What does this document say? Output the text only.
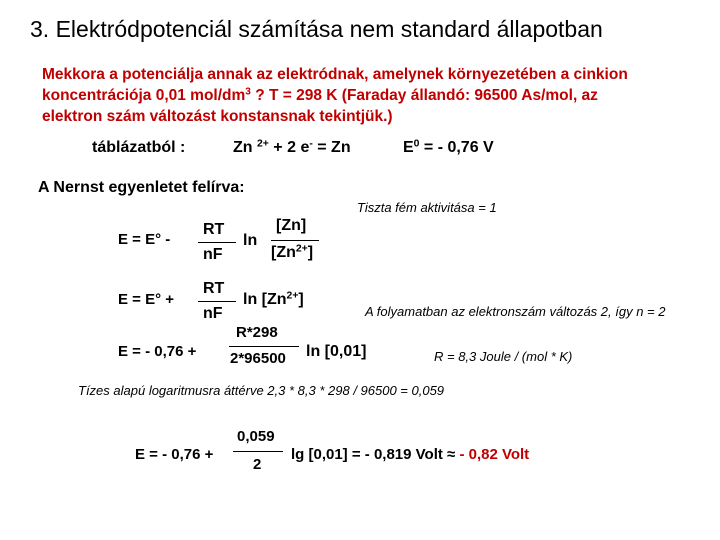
3. Elektródpotenciál számítása nem standard állapotban
Mekkora a potenciálja annak az elektródnak, amelynek környezetében a cinkion
koncentrációja 0,01 mol/$dm^3$ ? T = 298 K (Faraday állandó: 96500 As/mol, az
elektron szám változást konstansnak tekintjük.)
táblázatból :	Zn $^{2+}$ + 2 e- = Zn	$E^0$ = - 0,76 V
A Nernst egyenletet felírva:
Tiszta fém aktivitása = 1
E = E° -
RT
nF
ln
[Zn]
$[Zn^{2+}]$
E = E° +
RT
nF
$\ln [Zn^{2+}]$
A folyamatban az elektronszám változás 2, így n = 2
E = - 0,76 +
R*298
2*96500 ln [0,01]	R = 8,3 Joule / (mol * K)
Tízes alapú logaritmusra áttérve 2,3 * 8,3 * 298 / 96500 = 0,059
E = - 0,76 +
0,059
2
lg [0,01] = - 0,819 Volt ≈ - 0,82 Volt
